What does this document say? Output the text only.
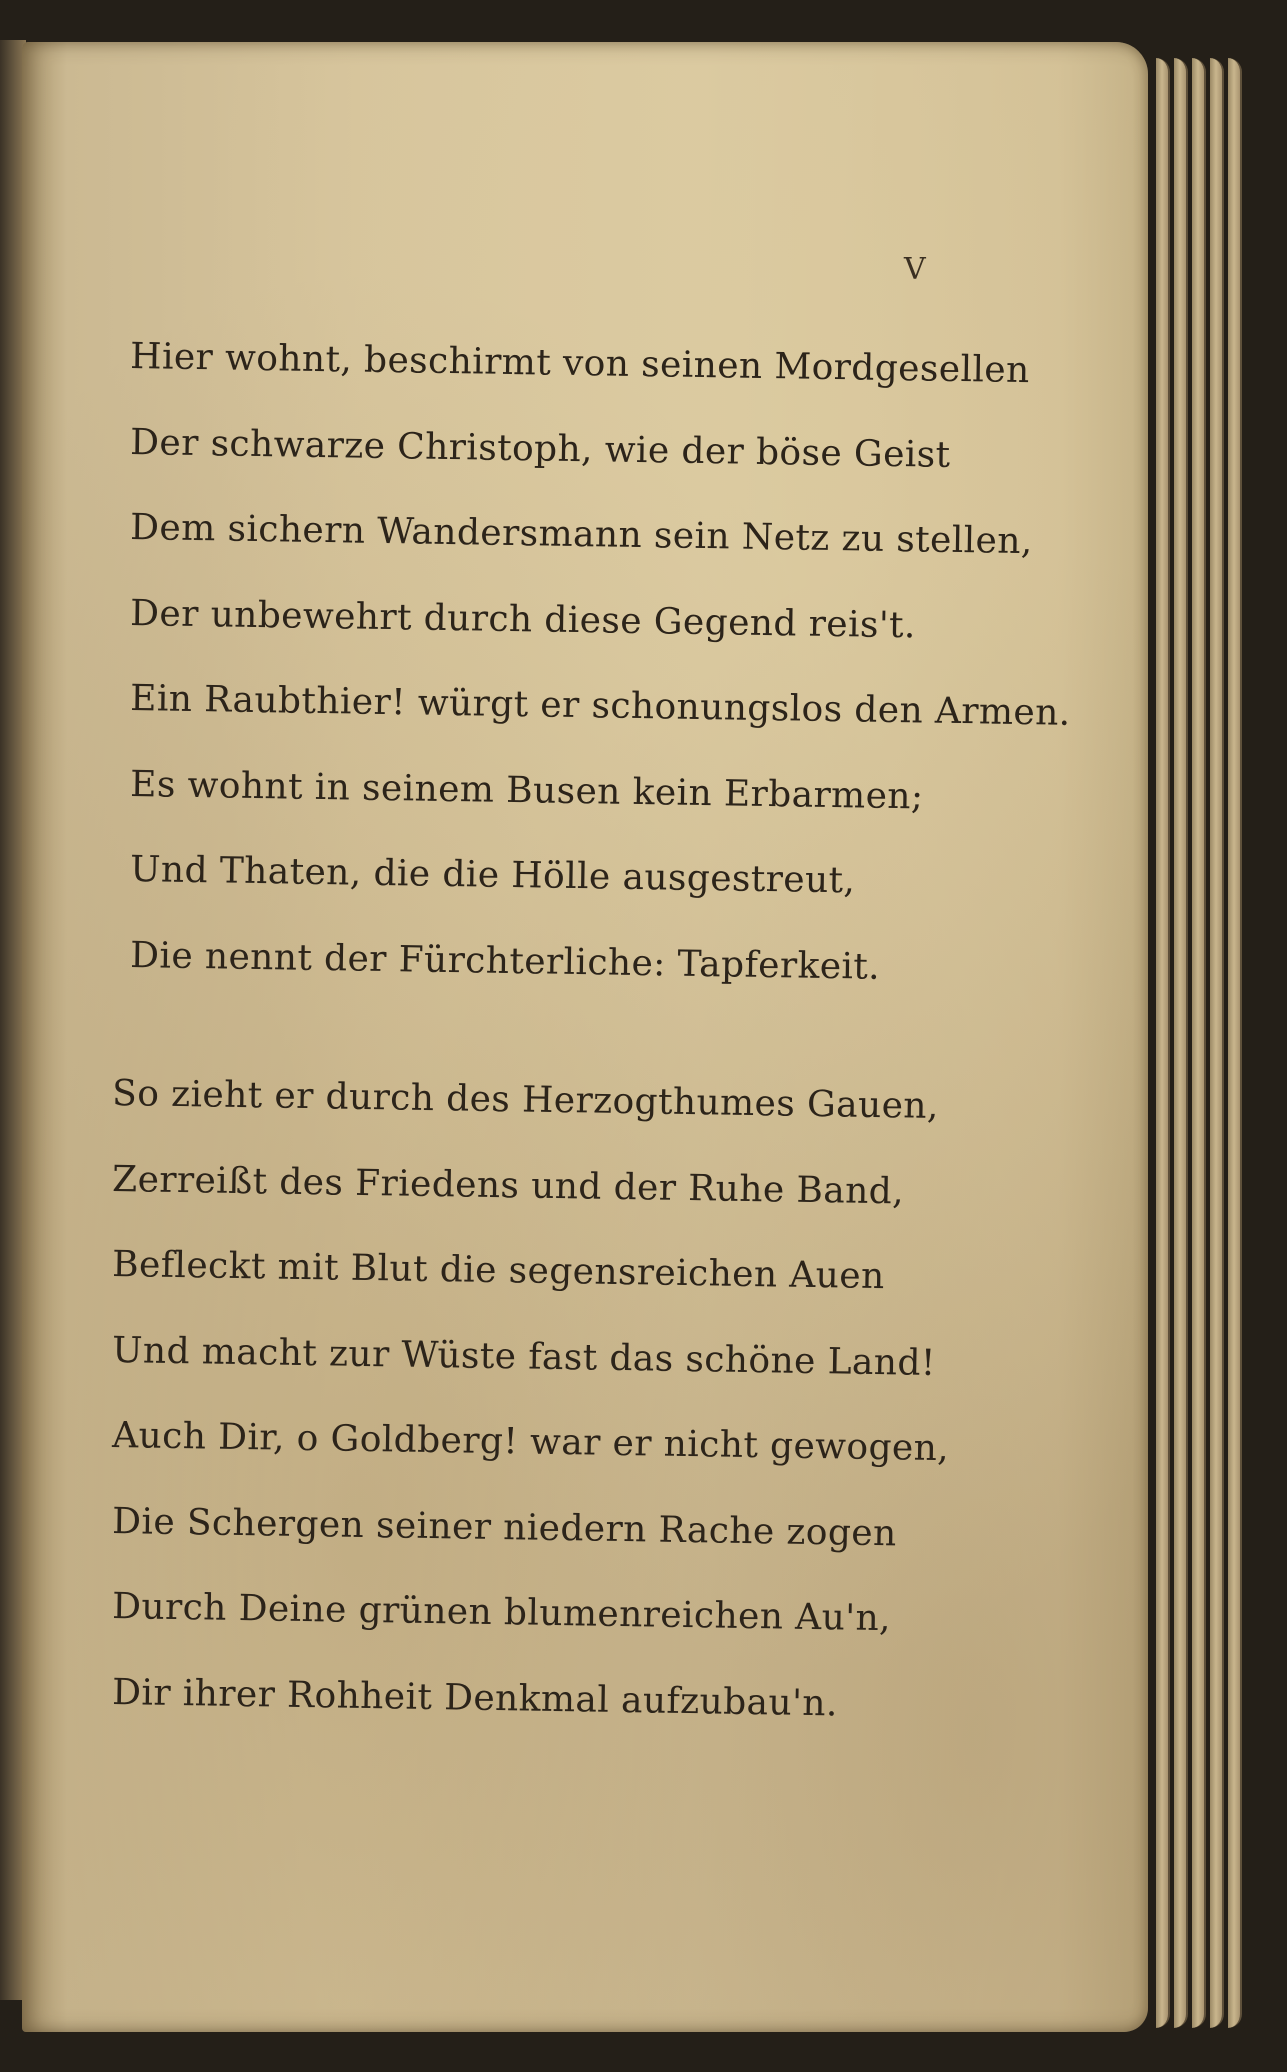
V

Hier wohnt, beschirmt von seinen Mordgesellen
Der schwarze Christoph, wie der böse Geist
Dem sichern Wandersmann sein Netz zu stellen,
Der unbewehrt durch diese Gegend reis't.
Ein Raubthier! würgt er schonungslos den Armen.
Es wohnt in seinem Busen kein Erbarmen;
Und Thaten, die die Hölle ausgestreut,
Die nennt der Fürchterliche: Tapferkeit.
So zieht er durch des Herzogthumes Gauen,
Zerreißt des Friedens und der Ruhe Band,
Befleckt mit Blut die segensreichen Auen
Und macht zur Wüste fast das schöne Land!
Auch Dir, o Goldberg! war er nicht gewogen,
Die Schergen seiner niedern Rache zogen
Durch Deine grünen blumenreichen Au'n,
Dir ihrer Rohheit Denkmal aufzubau'n.
